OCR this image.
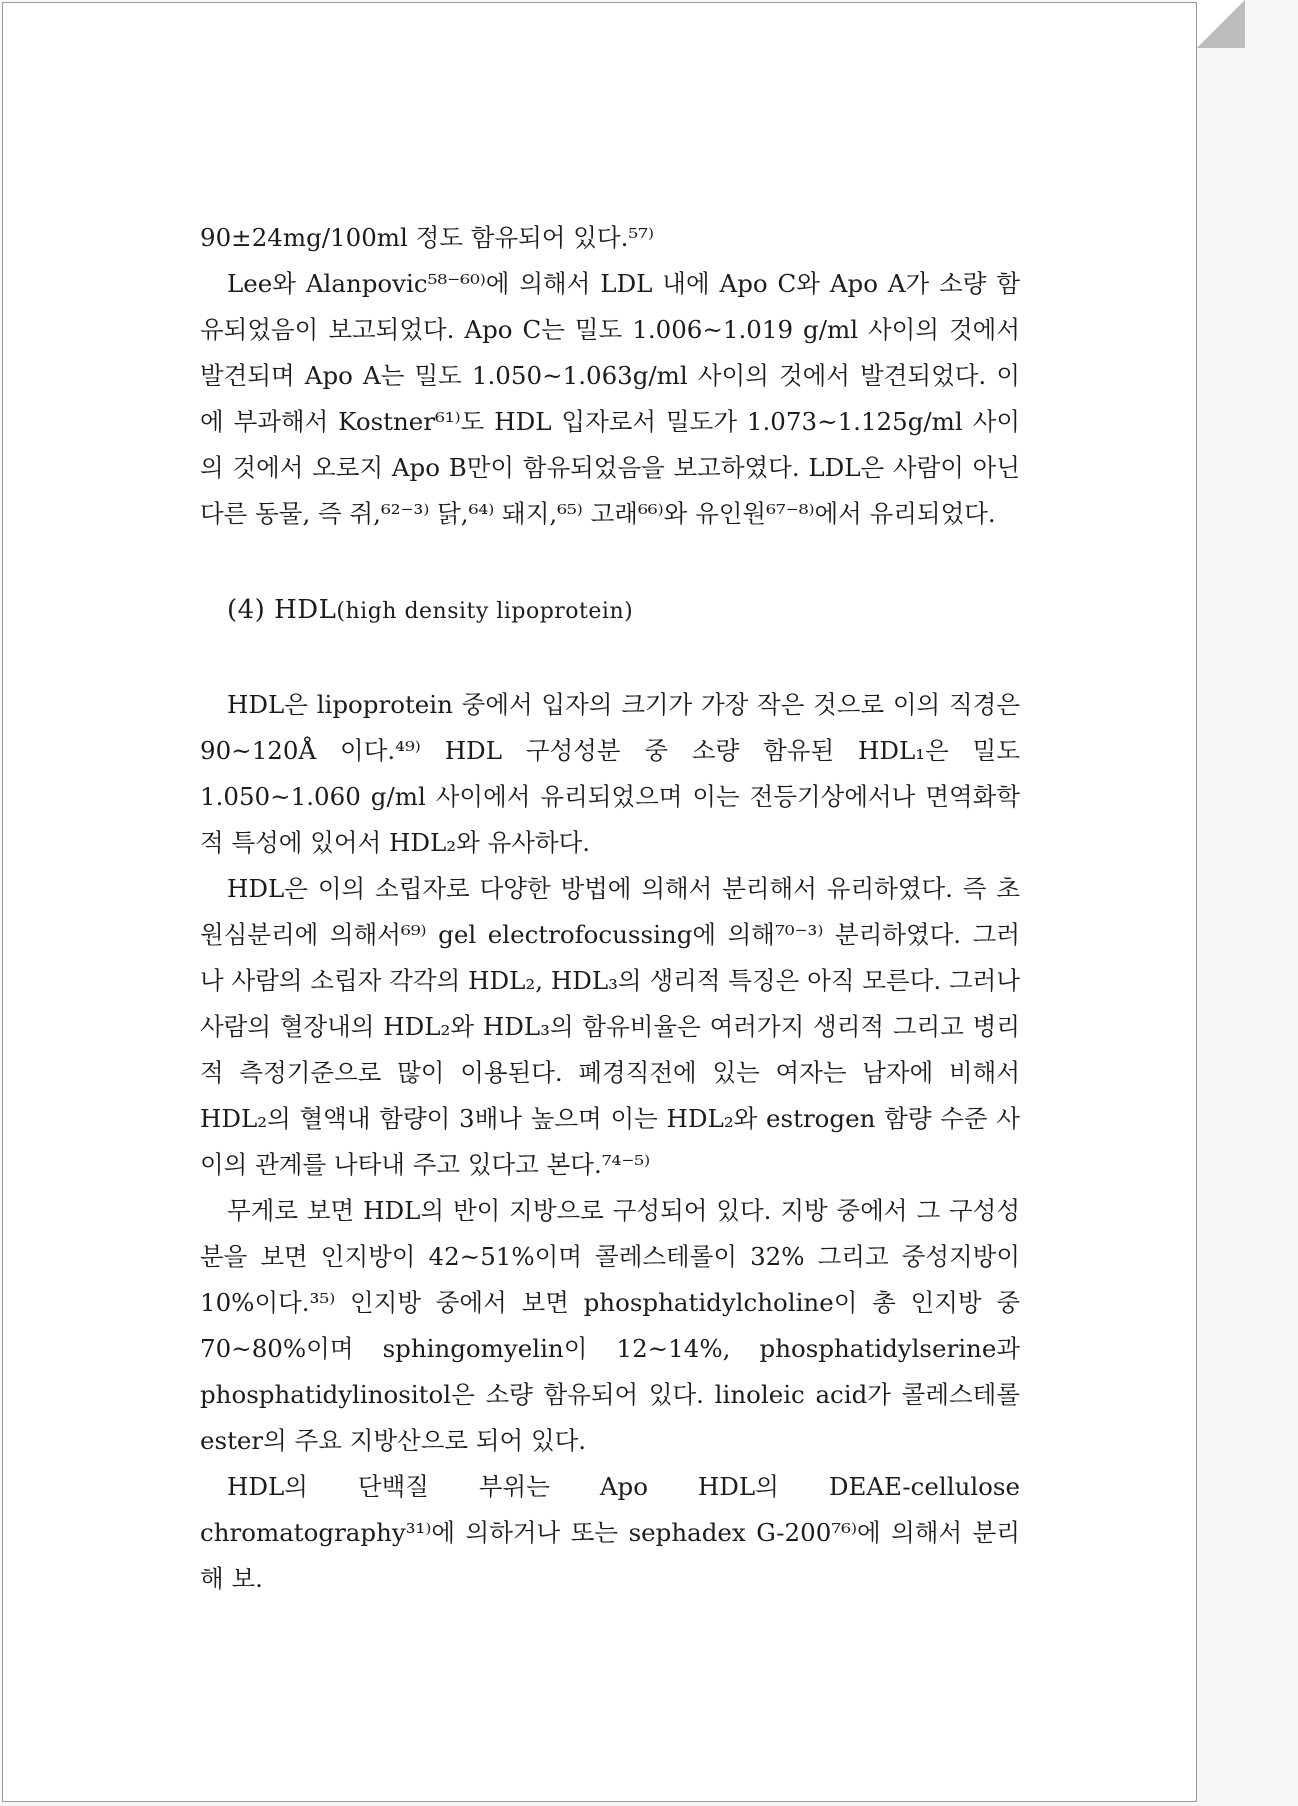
90±24mg/100ml 정도 함유되어 있다.⁵⁷⁾

Lee와 Alanpovic⁵⁸⁻⁶⁰⁾에 의해서 LDL 내에 Apo C와 Apo A가 소량 함유되었음이 보고되었다. Apo C는 밀도 1.006~1.019 g/ml 사이의 것에서 발견되며 Apo A는 밀도 1.050~1.063g/ml 사이의 것에서 발견되었다. 이에 부과해서 Kostner⁶¹⁾도 HDL 입자로서 밀도가 1.073~1.125g/ml 사이의 것에서 오로지 Apo B만이 함유되었음을 보고하였다. LDL은 사람이 아닌 다른 동물, 즉 쥐,⁶²⁻³⁾ 닭,⁶⁴⁾ 돼지,⁶⁵⁾ 고래⁶⁶⁾와 유인원⁶⁷⁻⁸⁾에서 유리되었다.

(4) HDL(high density lipoprotein)

HDL은 lipoprotein 중에서 입자의 크기가 가장 작은 것으로 이의 직경은 90~120Å 이다.⁴⁹⁾ HDL 구성성분 중 소량 함유된 HDL₁은 밀도 1.050~1.060 g/ml 사이에서 유리되었으며 이는 전등기상에서나 면역화학적 특성에 있어서 HDL₂와 유사하다.

HDL은 이의 소립자로 다양한 방법에 의해서 분리해서 유리하였다. 즉 초원심분리에 의해서⁶⁹⁾ gel electrofocussing에 의해⁷⁰⁻³⁾ 분리하였다. 그러나 사람의 소립자 각각의 HDL₂, HDL₃의 생리적 특징은 아직 모른다. 그러나 사람의 혈장내의 HDL₂와 HDL₃의 함유비율은 여러가지 생리적 그리고 병리적 측정기준으로 많이 이용된다. 폐경직전에 있는 여자는 남자에 비해서 HDL₂의 혈액내 함량이 3배나 높으며 이는 HDL₂와 estrogen 함량 수준 사이의 관계를 나타내 주고 있다고 본다.⁷⁴⁻⁵⁾

무게로 보면 HDL의 반이 지방으로 구성되어 있다. 지방 중에서 그 구성성분을 보면 인지방이 42~51%이며 콜레스테롤이 32% 그리고 중성지방이 10%이다.³⁵⁾ 인지방 중에서 보면 phosphatidylcholine이 총 인지방 중 70~80%이며 sphingomyelin이 12~14%, phosphatidylserine과 phosphatidylinositol은 소량 함유되어 있다. linoleic acid가 콜레스테롤 ester의 주요 지방산으로 되어 있다.

HDL의 단백질 부위는 Apo HDL의 DEAE-cellulose chromatography³¹⁾에 의하거나 또는 sephadex G-200⁷⁶⁾에 의해서 분리해 보.
